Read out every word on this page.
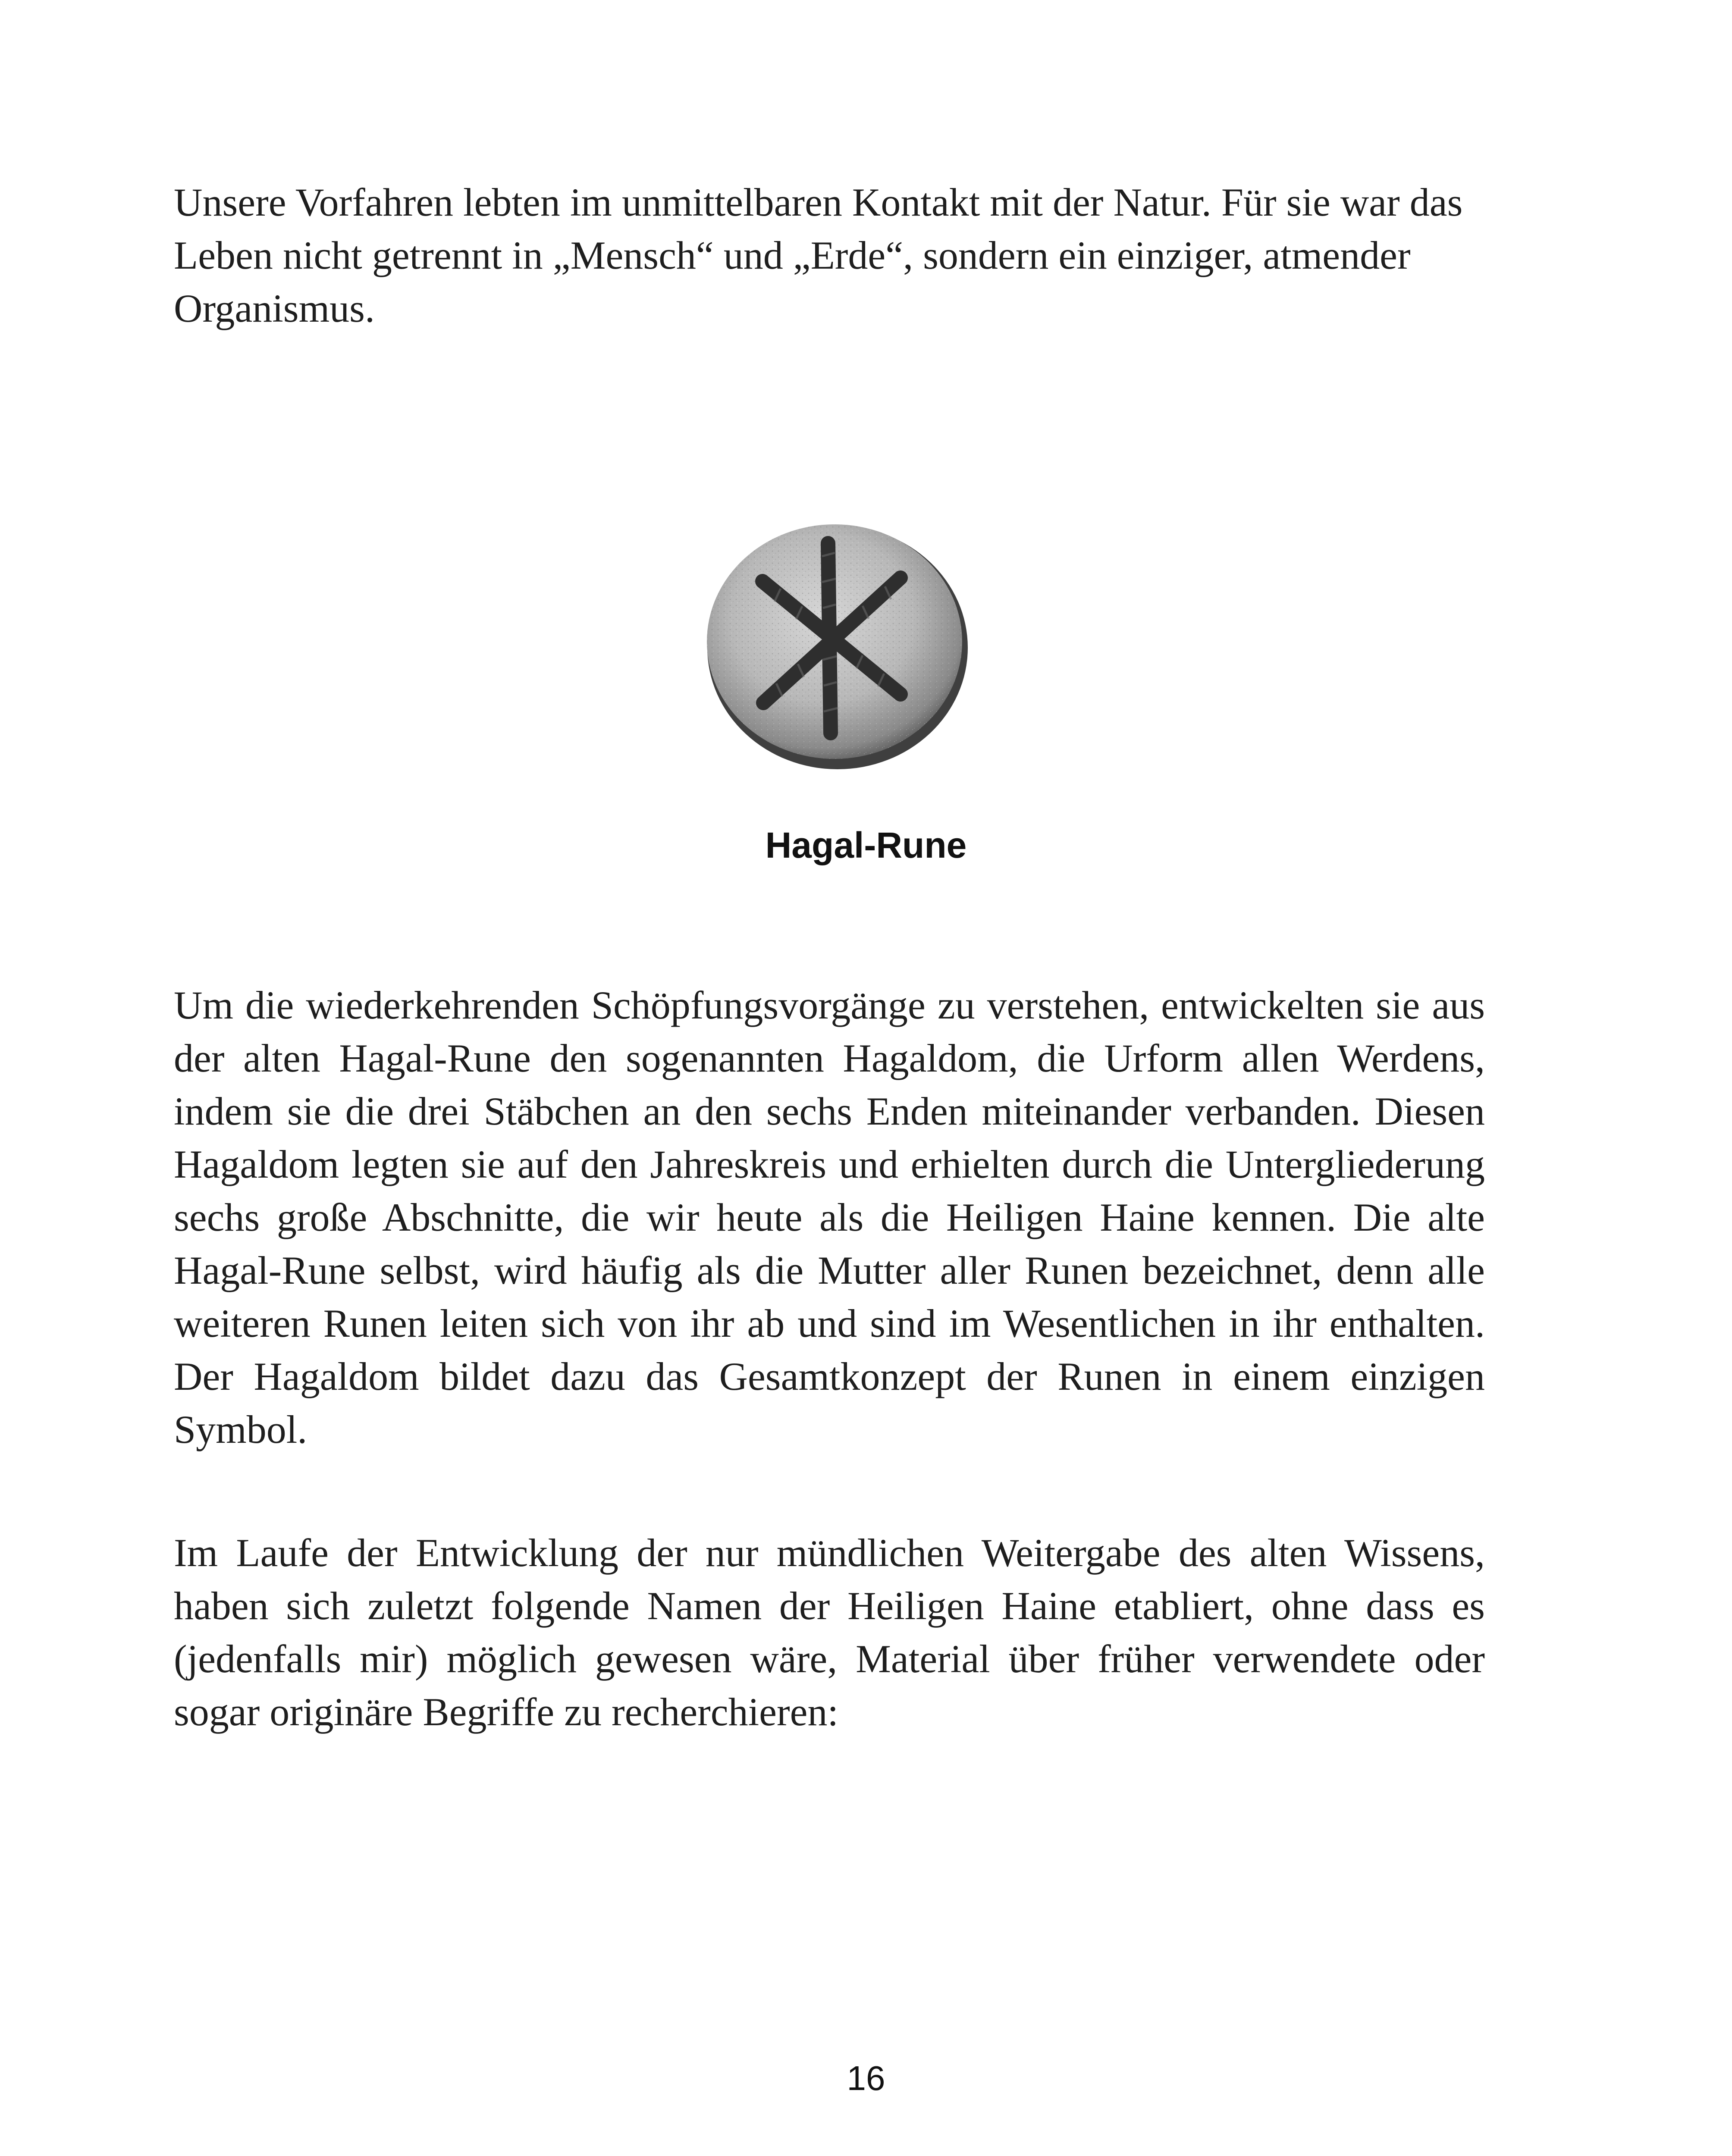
Unsere Vorfahren lebten im unmittelbaren Kontakt mit der Natur. Für sie war das Leben nicht getrennt in „Mensch“ und „Erde“, sondern ein einziger, atmender Organismus.

Hagal-Rune

Um die wiederkehrenden Schöpfungsvorgänge zu verstehen, entwickelten sie aus der alten Hagal-Rune den sogenannten Hagaldom, die Urform allen Werdens, indem sie die drei Stäbchen an den sechs Enden miteinander verbanden. Diesen Hagaldom legten sie auf den Jahreskreis und erhielten durch die Untergliederung sechs große Abschnitte, die wir heute als die Heiligen Haine kennen. Die alte Hagal-Rune selbst, wird häufig als die Mutter aller Runen bezeichnet, denn alle weiteren Runen leiten sich von ihr ab und sind im Wesentlichen in ihr enthalten. Der Hagaldom bildet dazu das Gesamtkonzept der Runen in einem einzigen Symbol.

Im Laufe der Entwicklung der nur mündlichen Weitergabe des alten Wissens, haben sich zuletzt folgende Namen der Heiligen Haine etabliert, ohne dass es (jedenfalls mir) möglich gewesen wäre, Material über früher verwendete oder sogar originäre Begriffe zu recherchieren:

16
